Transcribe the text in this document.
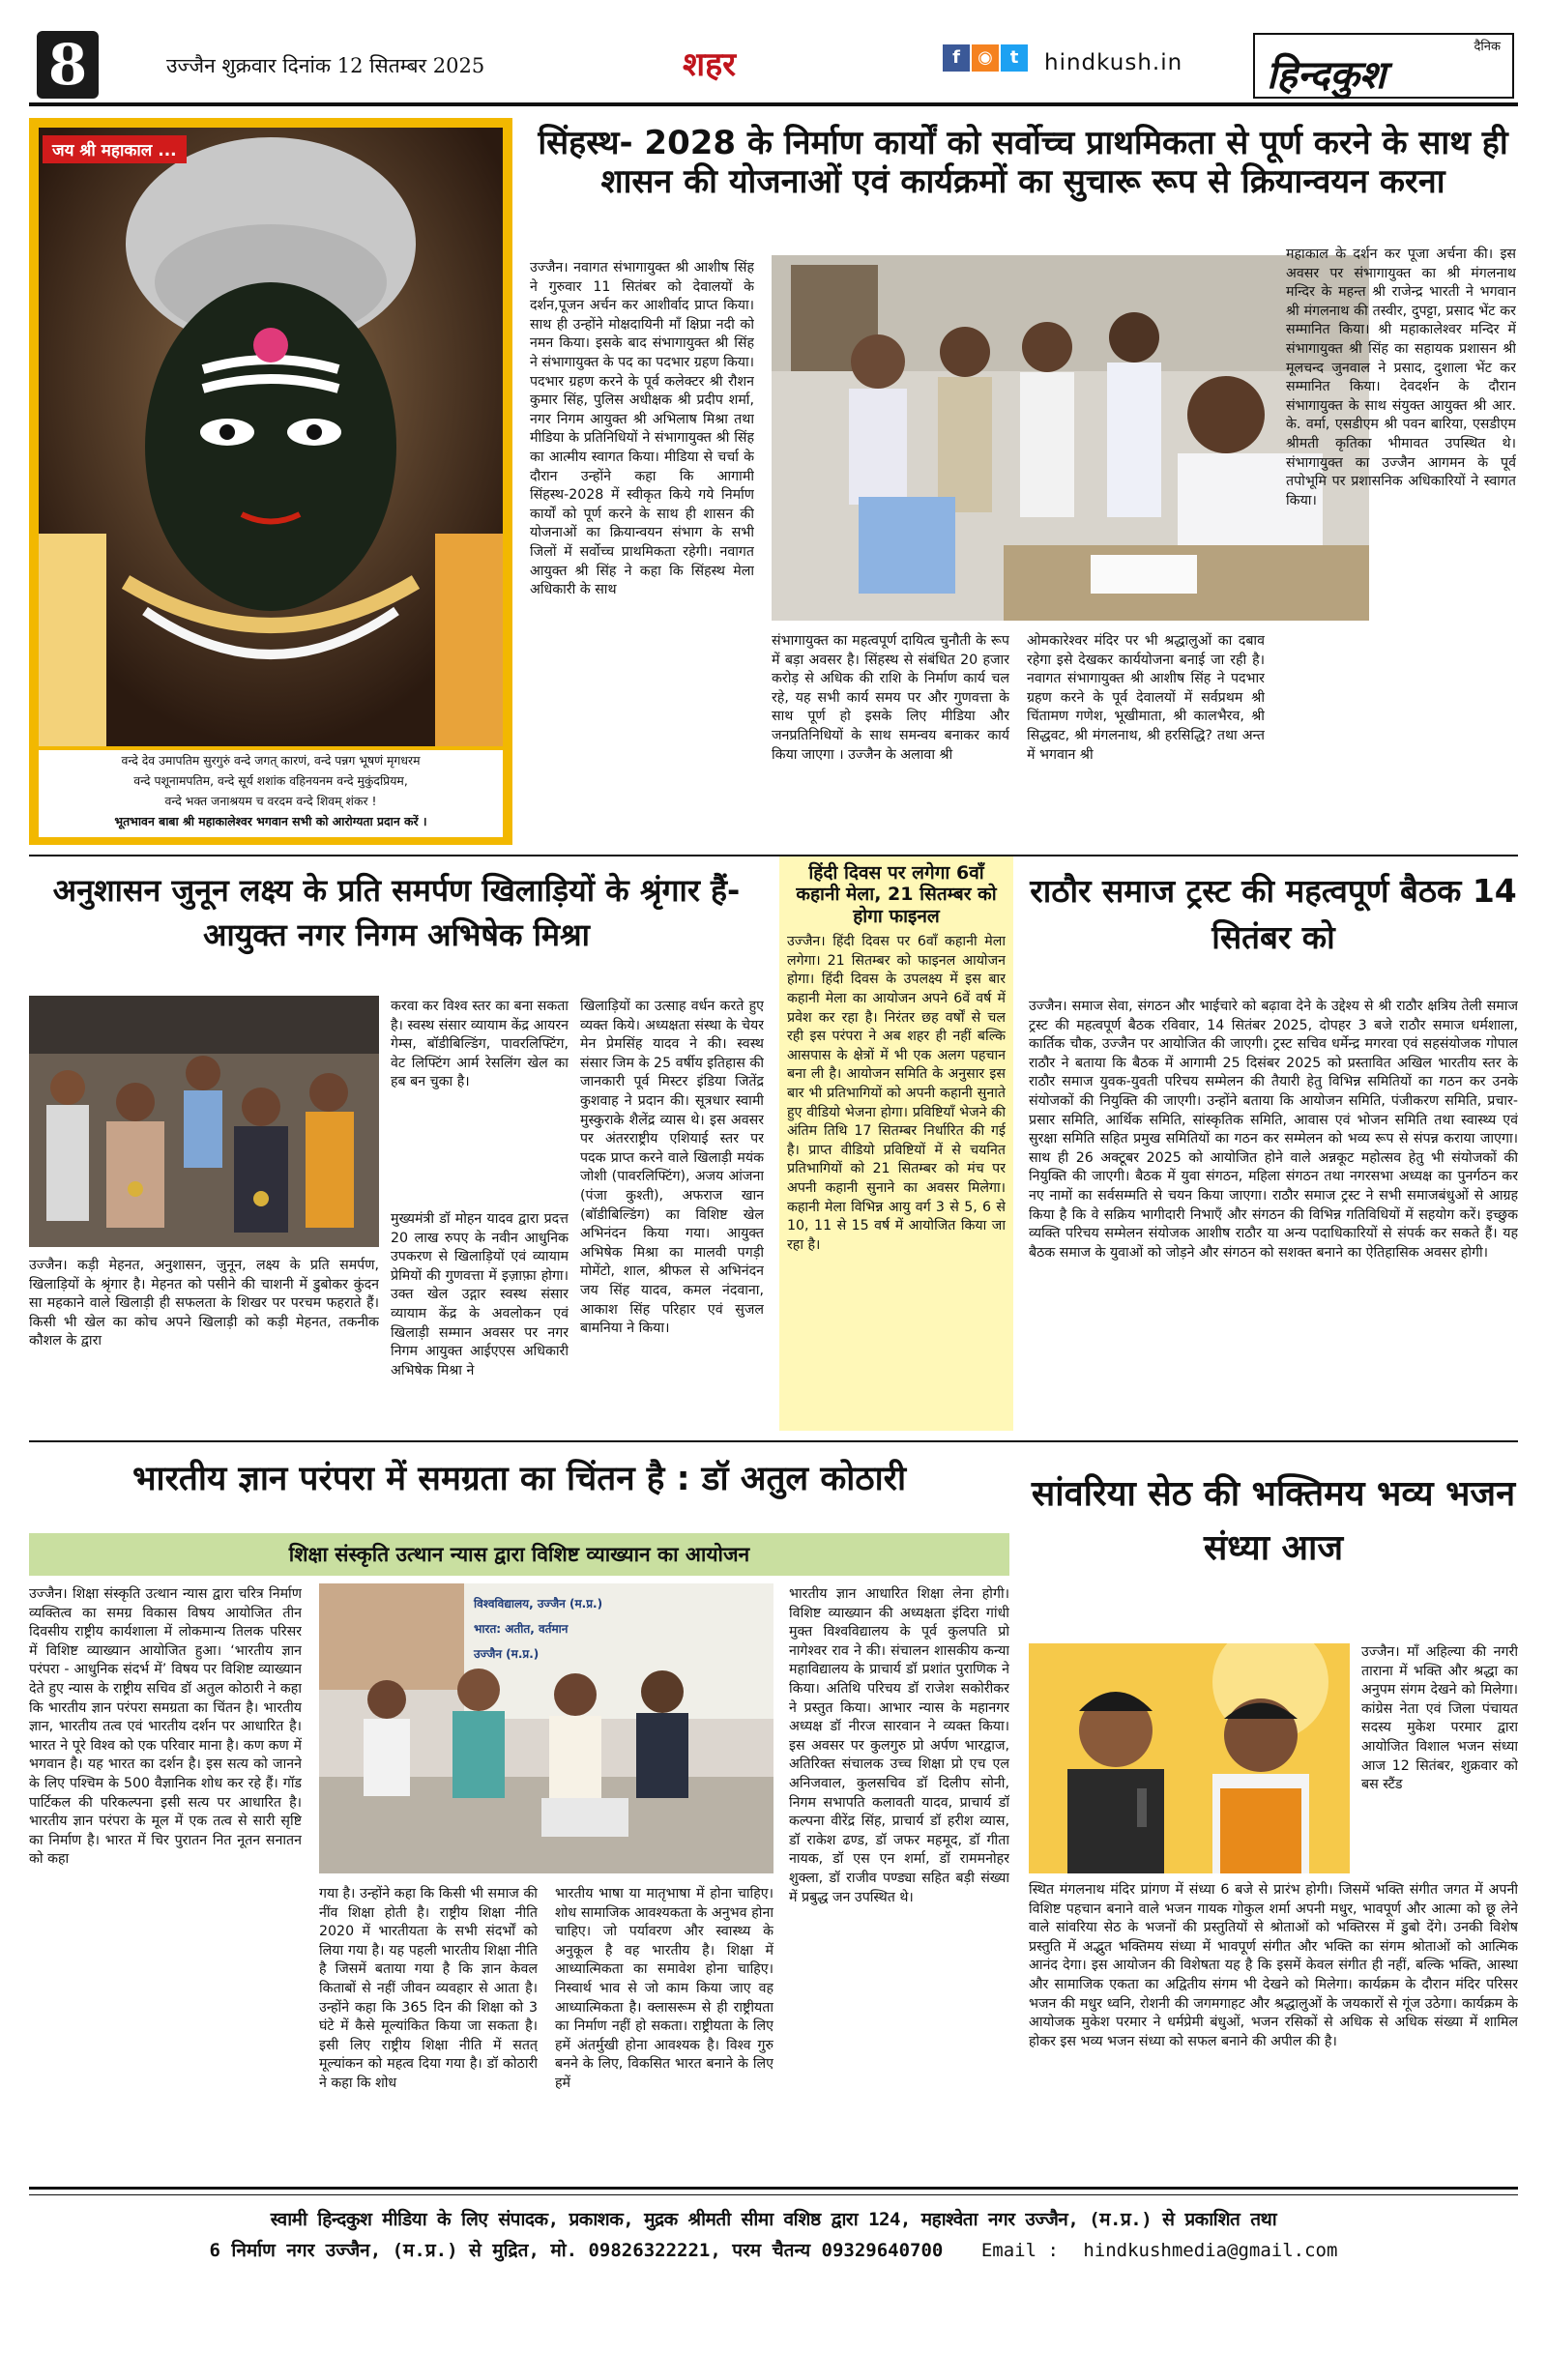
8	उज्जैन शुक्रवार दिनांक 12 सितम्बर 2025	शहर	f ◉ t	hindkush.in
दैनिक
हिन्दकुश
जय श्री महाकाल ...
वन्दे देव उमापतिम सुरगुरुं वन्दे जगत् कारणं, वन्दे पन्नग भूषणं मृगधरम
वन्दे पशूनामपतिम, वन्दे सूर्य शशांक वहिनयनम वन्दे मुकुंदप्रियम,
वन्दे भक्त जनाश्रयम च वरदम वन्दे शिवम् शंकर !
भूतभावन बाबा श्री महाकालेश्वर भगवान सभी को आरोग्यता प्रदान करें ।
सिंहस्थ- 2028 के निर्माण कार्यों को सर्वोच्च प्राथमिकता से पूर्ण करने के साथ ही शासन की योजनाओं एवं कार्यक्रमों का सुचारू रूप से क्रियान्वयन करना
उज्जैन। नवागत संभागायुक्त श्री आशीष सिंह ने गुरुवार 11 सितंबर को देवालयों के दर्शन,पूजन अर्चन कर आशीर्वाद प्राप्त किया। साथ ही उन्होंने मोक्षदायिनी माँ क्षिप्रा नदी को नमन किया। इसके बाद संभागायुक्त श्री सिंह ने संभागायुक्त के पद का पदभार ग्रहण किया। पदभार ग्रहण करने के पूर्व कलेक्टर श्री रौशन कुमार सिंह, पुलिस अधीक्षक श्री प्रदीप शर्मा, नगर निगम आयुक्त श्री अभिलाष मिश्रा तथा मीडिया के प्रतिनिधियों ने संभागायुक्त श्री सिंह का आत्मीय स्वागत किया। मीडिया से चर्चा के दौरान उन्होंने कहा कि आगामी सिंहस्थ-2028 में स्वीकृत किये गये निर्माण कार्यों को पूर्ण करने के साथ ही शासन की योजनाओं का क्रियान्वयन संभाग के सभी जिलों में सर्वोच्च प्राथमिकता रहेगी। नवागत आयुक्त श्री सिंह ने कहा कि सिंहस्थ मेला अधिकारी के साथ
संभागायुक्त का महत्वपूर्ण दायित्व चुनौती के रूप में बड़ा अवसर है। सिंहस्थ से संबंधित 20 हजार करोड़ से अधिक की राशि के निर्माण कार्य चल रहे, यह सभी कार्य समय पर और गुणवत्ता के साथ पूर्ण हो इसके लिए मीडिया और जनप्रतिनिधियों के साथ समन्वय बनाकर कार्य किया जाएगा । उज्जैन के अलावा श्री
ओमकारेश्वर मंदिर पर भी श्रद्धालुओं का दबाव रहेगा इसे देखकर कार्ययोजना बनाई जा रही है। नवागत संभागायुक्त श्री आशीष सिंह ने पदभार ग्रहण करने के पूर्व देवालयों में सर्वप्रथम श्री चिंतामण गणेश, भूखीमाता, श्री कालभैरव, श्री सिद्धवट, श्री मंगलनाथ, श्री हरसिद्धि? तथा अन्त में भगवान श्री
महाकाल के दर्शन कर पूजा अर्चना की। इस अवसर पर संभागायुक्त का श्री मंगलनाथ मन्दिर के महन्त श्री राजेन्द्र भारती ने भगवान श्री मंगलनाथ की तस्वीर, दुपट्टा, प्रसाद भेंट कर सम्मानित किया। श्री महाकालेश्वर मन्दिर में संभागायुक्त श्री सिंह का सहायक प्रशासन श्री मूलचन्द जुनवाल ने प्रसाद, दुशाला भेंट कर सम्मानित किया। देवदर्शन के दौरान संभागायुक्त के साथ संयुक्त आयुक्त श्री आर. के. वर्मा, एसडीएम श्री पवन बारिया, एसडीएम श्रीमती कृतिका भीमावत उपस्थित थे। संभागायुक्त का उज्जैन आगमन के पूर्व तपोभूमि पर प्रशासनिक अधिकारियों ने स्वागत किया।
अनुशासन जुनून लक्ष्य के प्रति समर्पण खिलाड़ियों के श्रृंगार हैं- आयुक्त नगर निगम अभिषेक मिश्रा
उज्जैन। कड़ी मेहनत, अनुशासन, जुनून, लक्ष्य के प्रति समर्पण, खिलाड़ियों के श्रृंगार है। मेहनत को पसीने की चाशनी में डुबोकर कुंदन सा महकाने वाले खिलाड़ी ही सफलता के शिखर पर परचम फहराते हैं। किसी भी खेल का कोच अपने खिलाड़ी को कड़ी मेहनत, तकनीक कौशल के द्वारा
करवा कर विश्व स्तर का बना सकता है। स्वस्थ संसार व्यायाम केंद्र आयरन गेम्स, बॉडीबिल्डिंग, पावरलिफ्टिंग, वेट लिफ्टिंग आर्म रेसलिंग खेल का हब बन चुका है।
मुख्यमंत्री डॉ मोहन यादव द्वारा प्रदत्त 20 लाख रुपए के नवीन आधुनिक उपकरण से खिलाड़ियों एवं व्यायाम प्रेमियों की गुणवत्ता में इज़ाफ़ा होगा। उक्त खेल उद्गार स्वस्थ संसार व्यायाम केंद्र के अवलोकन एवं खिलाड़ी सम्मान अवसर पर नगर निगम आयुक्त आईएएस अधिकारी अभिषेक मिश्रा ने
खिलाड़ियों का उत्साह वर्धन करते हुए व्यक्त किये। अध्यक्षता संस्था के चेयर मेन प्रेमसिंह यादव ने की। स्वस्थ संसार जिम के 25 वर्षीय इतिहास की जानकारी पूर्व मिस्टर इंडिया जितेंद्र कुशवाह ने प्रदान की। सूत्रधार स्वामी मुस्कुराके शैलेंद्र व्यास थे। इस अवसर पर अंतरराष्ट्रीय एशियाई स्तर पर पदक प्राप्त करने वाले खिलाड़ी मयंक जोशी (पावरलिफ्टिंग), अजय आंजना (पंजा कुश्ती), अफराज खान (बॉडीबिल्डिंग) का विशिष्ट खेल अभिनंदन किया गया। आयुक्त अभिषेक मिश्रा का मालवी पगड़ी मोमेंटो, शाल, श्रीफल से अभिनंदन जय सिंह यादव, कमल नंदवाना, आकाश सिंह परिहार एवं सुजल बामनिया ने किया।
हिंदी दिवस पर लगेगा 6वाँ कहानी मेला, 21 सितम्बर को होगा फाइनल
उज्जैन। हिंदी दिवस पर 6वाँ कहानी मेला लगेगा। 21 सितम्बर को फाइनल आयोजन होगा। हिंदी दिवस के उपलक्ष्य में इस बार कहानी मेला का आयोजन अपने 6वें वर्ष में प्रवेश कर रहा है। निरंतर छह वर्षों से चल रही इस परंपरा ने अब शहर ही नहीं बल्कि आसपास के क्षेत्रों में भी एक अलग पहचान बना ली है। आयोजन समिति के अनुसार इस बार भी प्रतिभागियों को अपनी कहानी सुनाते हुए वीडियो भेजना होगा। प्रविष्टियाँ भेजने की अंतिम तिथि 17 सितम्बर निर्धारित की गई है। प्राप्त वीडियो प्रविष्टियों में से चयनित प्रतिभागियों को 21 सितम्बर को मंच पर अपनी कहानी सुनाने का अवसर मिलेगा। कहानी मेला विभिन्न आयु वर्ग 3 से 5, 6 से 10, 11 से 15 वर्ष में आयोजित किया जा रहा है।
राठौर समाज ट्रस्ट की महत्वपूर्ण बैठक 14 सितंबर को
उज्जैन। समाज सेवा, संगठन और भाईचारे को बढ़ावा देने के उद्देश्य से श्री राठौर क्षत्रिय तेली समाज ट्रस्ट की महत्वपूर्ण बैठक रविवार, 14 सितंबर 2025, दोपहर 3 बजे राठौर समाज धर्मशाला, कार्तिक चौक, उज्जैन पर आयोजित की जाएगी। ट्रस्ट सचिव धर्मेन्द्र मगरवा एवं सहसंयोजक गोपाल राठौर ने बताया कि बैठक में आगामी 25 दिसंबर 2025 को प्रस्तावित अखिल भारतीय स्तर के राठौर समाज युवक-युवती परिचय सम्मेलन की तैयारी हेतु विभिन्न समितियों का गठन कर उनके संयोजकों की नियुक्ति की जाएगी। उन्होंने बताया कि आयोजन समिति, पंजीकरण समिति, प्रचार-प्रसार समिति, आर्थिक समिति, सांस्कृतिक समिति, आवास एवं भोजन समिति तथा स्वास्थ्य एवं सुरक्षा समिति सहित प्रमुख समितियों का गठन कर सम्मेलन को भव्य रूप से संपन्न कराया जाएगा। साथ ही 26 अक्टूबर 2025 को आयोजित होने वाले अन्नकूट महोत्सव हेतु भी संयोजकों की नियुक्ति की जाएगी। बैठक में युवा संगठन, महिला संगठन तथा नगरसभा अध्यक्ष का पुनर्गठन कर नए नामों का सर्वसम्मति से चयन किया जाएगा। राठौर समाज ट्रस्ट ने सभी समाजबंधुओं से आग्रह किया है कि वे सक्रिय भागीदारी निभाएँ और संगठन की विभिन्न गतिविधियों में सहयोग करें। इच्छुक व्यक्ति परिचय सम्मेलन संयोजक आशीष राठौर या अन्य पदाधिकारियों से संपर्क कर सकते हैं। यह बैठक समाज के युवाओं को जोड़ने और संगठन को सशक्त बनाने का ऐतिहासिक अवसर होगी।
भारतीय ज्ञान परंपरा में समग्रता का चिंतन है : डॉ अतुल कोठारी
शिक्षा संस्कृति उत्थान न्यास द्वारा विशिष्ट व्याख्यान का आयोजन
उज्जैन। शिक्षा संस्कृति उत्थान न्यास द्वारा चरित्र निर्माण व्यक्तित्व का समग्र विकास विषय आयोजित तीन दिवसीय राष्ट्रीय कार्यशाला में लोकमान्य तिलक परिसर में विशिष्ट व्याख्यान आयोजित हुआ। ‘भारतीय ज्ञान परंपरा - आधुनिक संदर्भ में’ विषय पर विशिष्ट व्याख्यान देते हुए न्यास के राष्ट्रीय सचिव डॉ अतुल कोठारी ने कहा कि भारतीय ज्ञान परंपरा समग्रता का चिंतन है। भारतीय ज्ञान, भारतीय तत्व एवं भारतीय दर्शन पर आधारित है। भारत ने पूरे विश्व को एक परिवार माना है। कण कण में भगवान है। यह भारत का दर्शन है। इस सत्य को जानने के लिए पश्चिम के 500 वैज्ञानिक शोध कर रहे हैं। गॉड पार्टिकल की परिकल्पना इसी सत्य पर आधारित है। भारतीय ज्ञान परंपरा के मूल में एक तत्व से सारी सृष्टि का निर्माण है। भारत में चिर पुरातन नित नूतन सनातन को कहा
विश्वविद्यालय, उज्जैन (म.प्र.)
भारत: अतीत, वर्तमान
उज्जैन (म.प्र.)
गया है। उन्होंने कहा कि किसी भी समाज की नींव शिक्षा होती है। राष्ट्रीय शिक्षा नीति 2020 में भारतीयता के सभी संदर्भों को लिया गया है। यह पहली भारतीय शिक्षा नीति है जिसमें बताया गया है कि ज्ञान केवल किताबों से नहीं जीवन व्यवहार से आता है। उन्होंने कहा कि 365 दिन की शिक्षा को 3 घंटे में कैसे मूल्यांकित किया जा सकता है। इसी लिए राष्ट्रीय शिक्षा नीति में सतत् मूल्यांकन को महत्व दिया गया है। डॉ कोठारी ने कहा कि शोध
भारतीय भाषा या मातृभाषा में होना चाहिए। शोध सामाजिक आवश्यकता के अनुभव होना चाहिए। जो पर्यावरण और स्वास्थ्य के अनुकूल है वह भारतीय है। शिक्षा में आध्यात्मिकता का समावेश होना चाहिए। निस्वार्थ भाव से जो काम किया जाए वह आध्यात्मिकता है। क्लासरूम से ही राष्ट्रीयता का निर्माण नहीं हो सकता। राष्ट्रीयता के लिए हमें अंतर्मुखी होना आवश्यक है। विश्व गुरु बनने के लिए, विकसित भारत बनाने के लिए हमें
भारतीय ज्ञान आधारित शिक्षा लेना होगी। विशिष्ट व्याख्यान की अध्यक्षता इंदिरा गांधी मुक्त विश्वविद्यालय के पूर्व कुलपति प्रो नागेश्वर राव ने की। संचालन शासकीय कन्या महाविद्यालय के प्राचार्य डॉ प्रशांत पुराणिक ने किया। अतिथि परिचय डॉ राजेश सकोरीकर ने प्रस्तुत किया। आभार न्यास के महानगर अध्यक्ष डॉ नीरज सारवान ने व्यक्त किया। इस अवसर पर कुलगुरु प्रो अर्पण भारद्वाज, अतिरिक्त संचालक उच्च शिक्षा प्रो एच एल अनिजवाल, कुलसचिव डॉ दिलीप सोनी, निगम सभापति कलावती यादव, प्राचार्य डॉ कल्पना वीरेंद्र सिंह, प्राचार्य डॉ हरीश व्यास, डॉ राकेश ढण्ड, डॉ जफर महमूद, डॉ गीता नायक, डॉ एस एन शर्मा, डॉ राममनोहर शुक्ला, डॉ राजीव पण्ड्या सहित बड़ी संख्या में प्रबुद्ध जन उपस्थित थे।
सांवरिया सेठ की भक्तिमय भव्य भजन संध्या आज
उज्जैन। माँ अहिल्या की नगरी ताराना में भक्ति और श्रद्धा का अनुपम संगम देखने को मिलेगा। कांग्रेस नेता एवं जिला पंचायत सदस्य मुकेश परमार द्वारा आयोजित विशाल भजन संध्या आज 12 सितंबर, शुक्रवार को बस स्टैंड
स्थित मंगलनाथ मंदिर प्रांगण में संध्या 6 बजे से प्रारंभ होगी। जिसमें भक्ति संगीत जगत में अपनी विशिष्ट पहचान बनाने वाले भजन गायक गोकुल शर्मा अपनी मधुर, भावपूर्ण और आत्मा को छू लेने वाले सांवरिया सेठ के भजनों की प्रस्तुतियों से श्रोताओं को भक्तिरस में डुबो देंगे। उनकी विशेष प्रस्तुति में अद्भुत भक्तिमय संध्या में भावपूर्ण संगीत और भक्ति का संगम श्रोताओं को आत्मिक आनंद देगा। इस आयोजन की विशेषता यह है कि इसमें केवल संगीत ही नहीं, बल्कि भक्ति, आस्था और सामाजिक एकता का अद्वितीय संगम भी देखने को मिलेगा। कार्यक्रम के दौरान मंदिर परिसर भजन की मधुर ध्वनि, रोशनी की जगमगाहट और श्रद्धालुओं के जयकारों से गूंज उठेगा। कार्यक्रम के आयोजक मुकेश परमार ने धर्मप्रेमी बंधुओं, भजन रसिकों से अधिक से अधिक संख्या में शामिल होकर इस भव्य भजन संध्या को सफल बनाने की अपील की है।
स्वामी हिन्दकुश मीडिया के लिए संपादक, प्रकाशक, मुद्रक श्रीमती सीमा वशिष्ठ द्वारा 124, महाश्वेता नगर उज्जैन, (म.प्र.) से प्रकाशित तथा
6 निर्माण नगर उज्जैन, (म.प्र.) से मुद्रित, मो. 09826322221, परम चैतन्य 09329640700 Email : hindkushmedia@gmail.com
